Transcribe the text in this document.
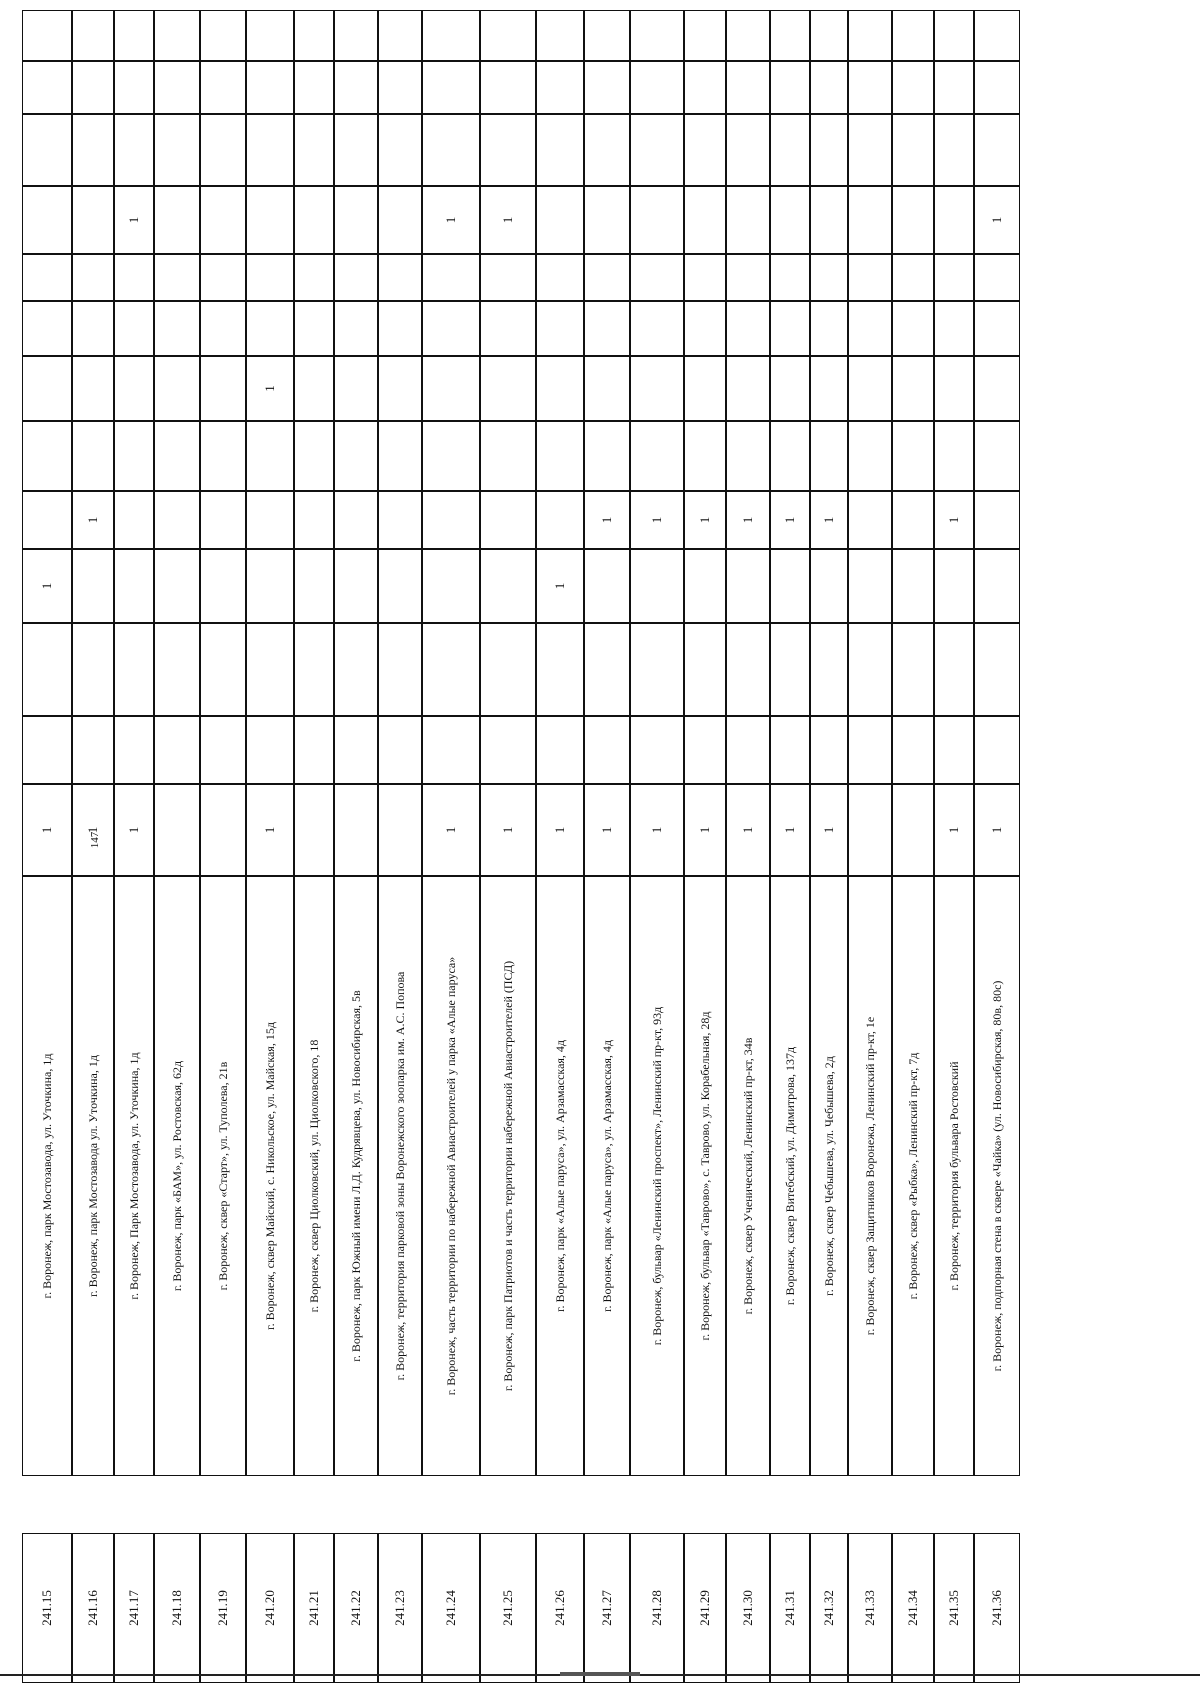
147
241.15
г. Воронеж, парк Мостозавода, ул. Уточкина, 1д
1
1
241.16
г. Воронеж, парк Мостозавода ул. Уточкина, 1д
1
1
241.17
г. Воронеж, Парк Мостозавода, ул. Уточкина, 1д
1
1
241.18
г. Воронеж, парк «БАМ», ул. Ростовская, 62д
241.19
г. Воронеж, сквер «Старт», ул. Туполева, 21в
241.20
г. Воронеж, сквер Майский, с. Никольское, ул. Майская, 15д
1
1
241.21
г. Воронеж, сквер Циолковский, ул. Циолковского, 18
241.22
г. Воронеж, парк Южный имени Л.Д. Кудрявцева, ул. Новосибирская, 5в
241.23
г. Воронеж, территория парковой зоны Воронежского зоопарка им. А.С. Попова
241.24
г. Воронеж, часть территории по набережной Авиастроителей у парка «Алые паруса»
1
1
241.25
г. Воронеж, парк Патриотов и часть территории набережной Авиастроителей (ПСД)
1
1
241.26
г. Воронеж, парк «Алые паруса», ул. Арзамасская, 4д
1
1
241.27
г. Воронеж, парк «Алые паруса», ул. Арзамасская, 4д
1
1
241.28
г. Воронеж, бульвар «Ленинский проспект», Ленинский пр-кт, 93д
1
1
241.29
г. Воронеж, бульвар «Таврово», с. Таврово, ул. Корабельная, 28д
1
1
241.30
г. Воронеж, сквер Ученический, Ленинский пр-кт, 34в
1
1
241.31
г. Воронеж, сквер Витебский, ул. Димитрова, 137д
1
1
241.32
г. Воронеж, сквер Чебышева, ул. Чебышева, 2д
1
1
241.33
г. Воронеж, сквер Защитников Воронежа, Ленинский пр-кт, 1е
241.34
г. Воронеж, сквер «Рыбка», Ленинский пр-кт, 7д
241.35
г. Воронеж, территория бульвара Ростовский
1
1
241.36
г. Воронеж, подпорная стена в сквере «Чайка» (ул. Новосибирская, 80в, 80с)
1
1
